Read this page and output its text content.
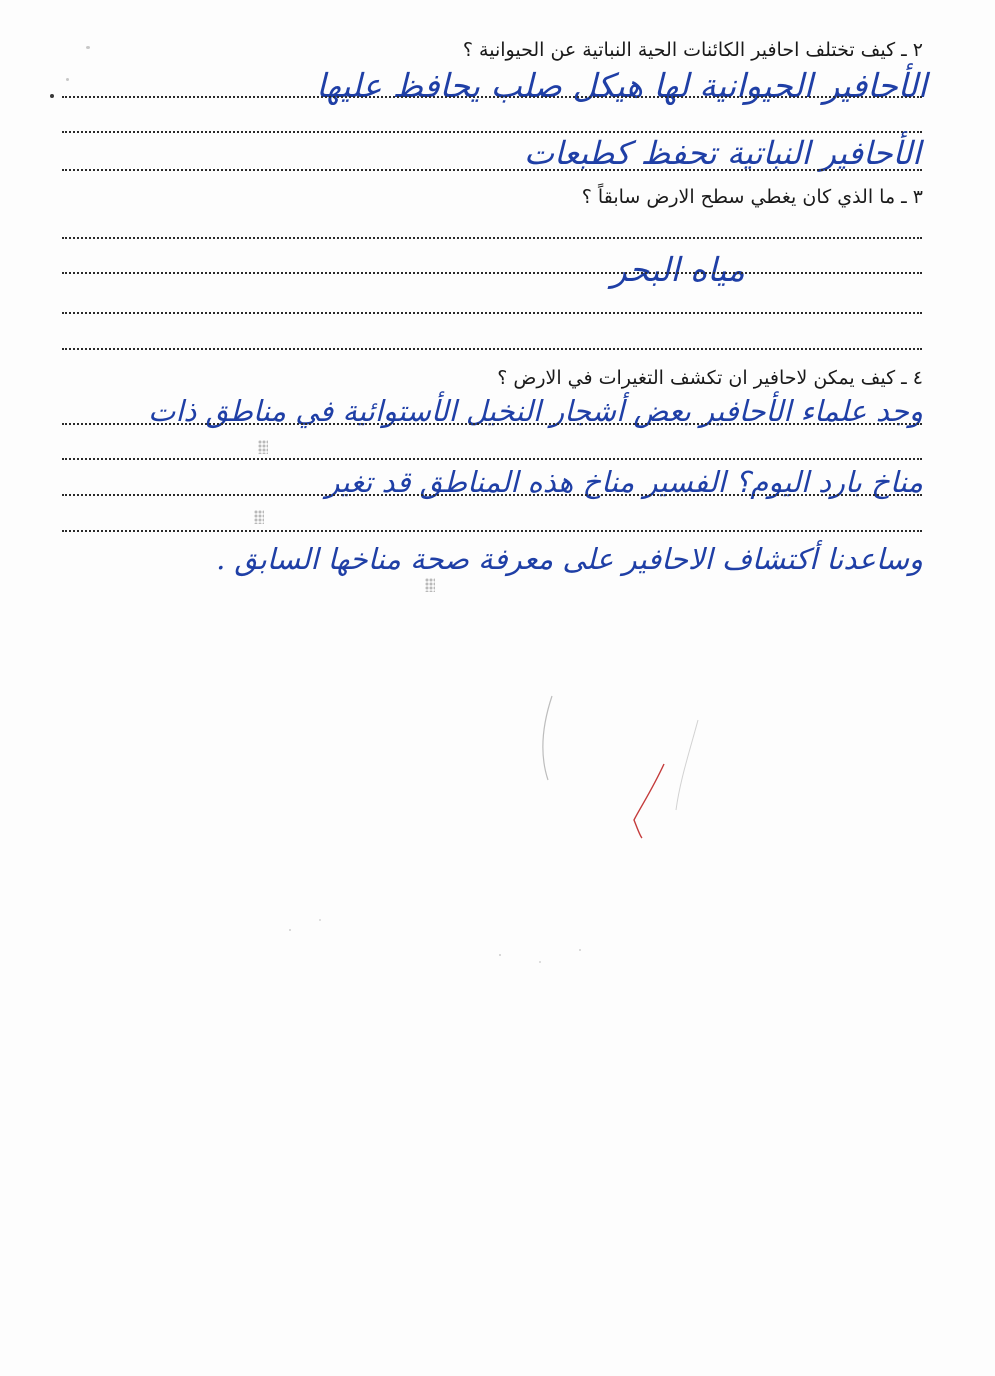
٢ ـ كيف تختلف احافير الكائنات الحية النباتية عن الحيوانية ؟
الأحافير الحيوانية لها هيكل صلب يحافظ عليها
الأحافير النباتية تحفظ كطبعات
٣ ـ ما الذي كان يغطي سطح الارض سابقاً ؟
مياه البحر
٤ ـ كيف يمكن لاحافير ان تكشف التغيرات في الارض ؟
وجد علماء الأحافير بعض أشجار النخيل الأستوائية في مناطق ذات
مناخ بارد اليوم؟ الفسير مناخ هذه المناطق قد تغير
وساعدنا أكتشاف الاحافير على معرفة صحة مناخها السابق .
